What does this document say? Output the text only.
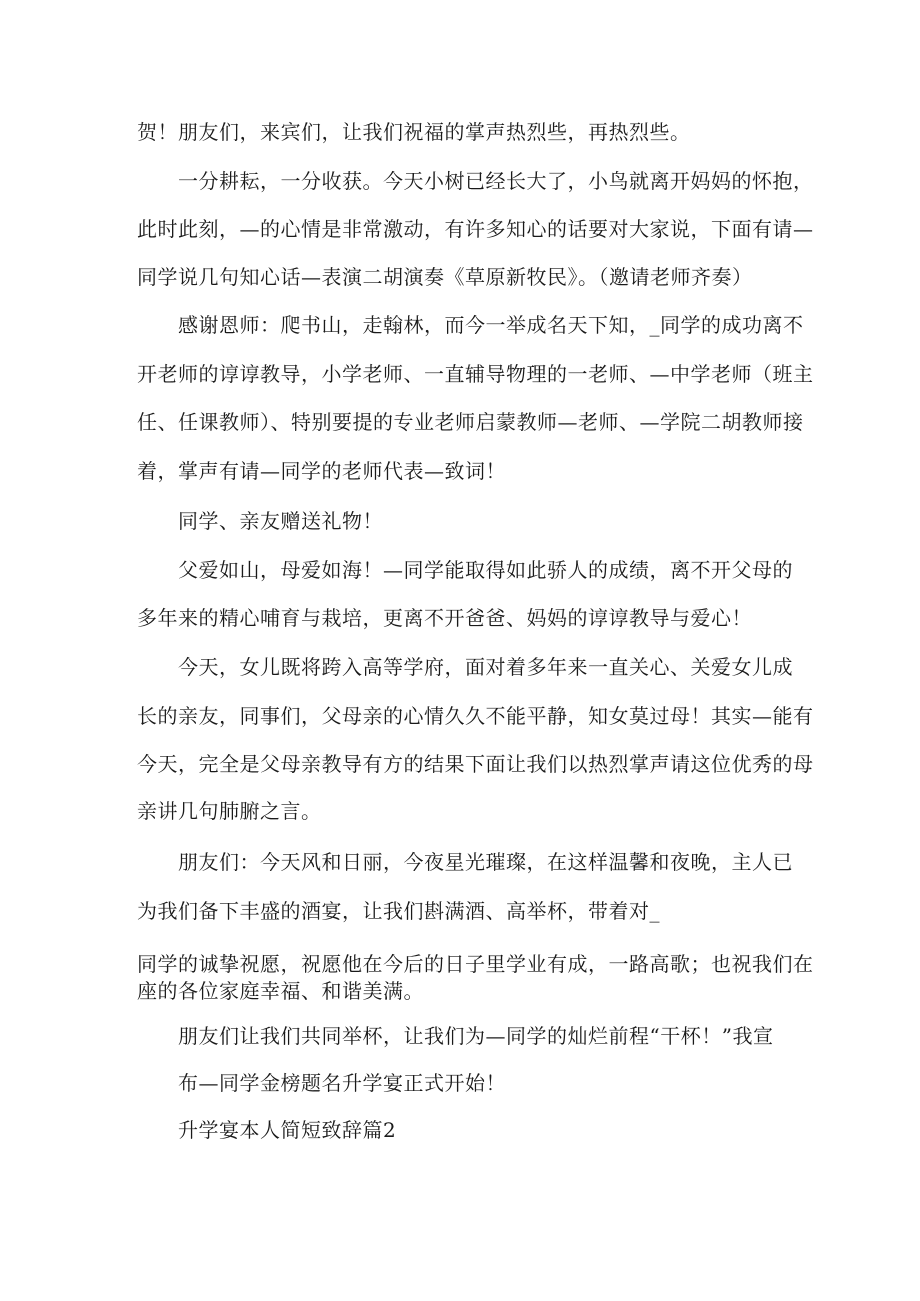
贺！朋友们，来宾们，让我们祝福的掌声热烈些，再热烈些。
一分耕耘，一分收获。今天小树已经长大了，小鸟就离开妈妈的怀抱，
此时此刻，—的心情是非常激动，有许多知心的话要对大家说，下面有请—
同学说几句知心话—表演二胡演奏《草原新牧民》。（邀请老师齐奏）
感谢恩师：爬书山，走翰林，而今一举成名天下知，_同学的成功离不
开老师的谆谆教导，小学老师、一直辅导物理的一老师、—中学老师（班主
任、任课教师）、特别要提的专业老师启蒙教师—老师、—学院二胡教师接
着，掌声有请—同学的老师代表—致词！
同学、亲友赠送礼物！
父爱如山，母爱如海！—同学能取得如此骄人的成绩，离不开父母的
多年来的精心哺育与栽培，更离不开爸爸、妈妈的谆谆教导与爱心！
今天，女儿既将跨入高等学府，面对着多年来一直关心、关爱女儿成
长的亲友，同事们，父母亲的心情久久不能平静，知女莫过母！其实—能有
今天，完全是父母亲教导有方的结果下面让我们以热烈掌声请这位优秀的母
亲讲几句肺腑之言。
朋友们：今天风和日丽，今夜星光璀璨，在这样温馨和夜晚，主人已
为我们备下丰盛的酒宴，让我们斟满酒、高举杯，带着对_
同学的诚挚祝愿，祝愿他在今后的日子里学业有成，一路高歌；也祝我们在
座的各位家庭幸福、和谐美满。
朋友们让我们共同举杯，让我们为—同学的灿烂前程“干杯！”我宣
布—同学金榜题名升学宴正式开始！
升学宴本人简短致辞篇2
